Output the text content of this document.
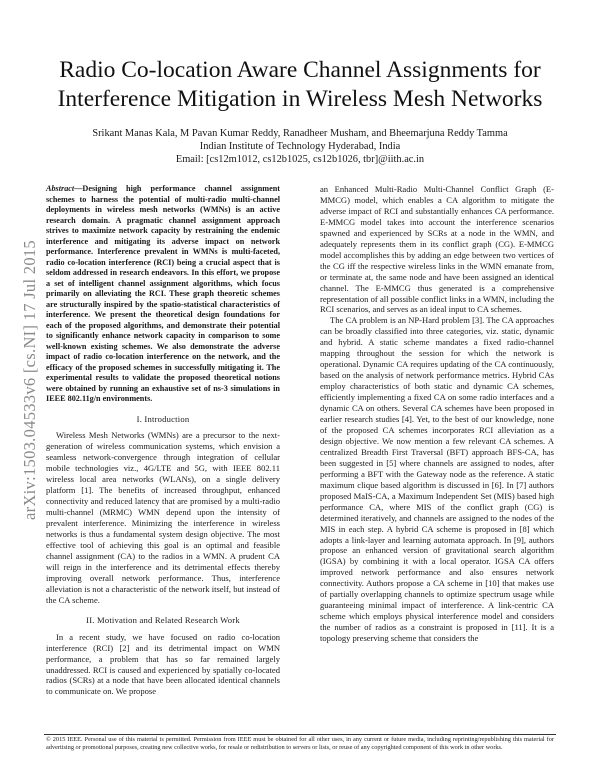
arXiv:1503.04533v6 [cs.NI] 17 Jul 2015
Radio Co-location Aware Channel Assignments for
Interference Mitigation in Wireless Mesh Networks
Srikant Manas Kala, M Pavan Kumar Reddy, Ranadheer Musham, and Bheemarjuna Reddy Tamma
Indian Institute of Technology Hyderabad, India
Email: [cs12m1012, cs12b1025, cs12b1026, tbr]@iith.ac.in

Abstract—Designing high performance channel assignment schemes to harness the potential of multi-radio multi-channel deployments in wireless mesh networks (WMNs) is an active research domain. A pragmatic channel assignment approach strives to maximize network capacity by restraining the endemic interference and mitigating its adverse impact on network performance. Interference prevalent in WMNs is multi-faceted, radio co-location interference (RCI) being a crucial aspect that is seldom addressed in research endeavors. In this effort, we propose a set of intelligent channel assignment algorithms, which focus primarily on alleviating the RCI. These graph theoretic schemes are structurally inspired by the spatio-statistical characteristics of interference. We present the theoretical design foundations for each of the proposed algorithms, and demonstrate their potential to significantly enhance network capacity in comparison to some well-known existing schemes. We also demonstrate the adverse impact of radio co-location interference on the network, and the efficacy of the proposed schemes in successfully mitigating it. The experimental results to validate the proposed theoretical notions were obtained by running an exhaustive set of ns-3 simulations in IEEE 802.11g/n environments.

I. Introduction

Wireless Mesh Networks (WMNs) are a precursor to the next-generation of wireless communication systems, which envision a seamless network-convergence through integration of cellular mobile technologies viz., 4G/LTE and 5G, with IEEE 802.11 wireless local area networks (WLANs), on a single delivery platform [1]. The benefits of increased throughput, enhanced connectivity and reduced latency that are promised by a multi-radio multi-channel (MRMC) WMN depend upon the intensity of prevalent interference. Minimizing the interference in wireless networks is thus a fundamental system design objective. The most effective tool of achieving this goal is an optimal and feasible channel assignment (CA) to the radios in a WMN. A prudent CA will reign in the interference and its detrimental effects thereby improving overall network performance. Thus, interference alleviation is not a characteristic of the network itself, but instead of the CA scheme.

II. Motivation and Related Research Work

In a recent study, we have focused on radio co-location interference (RCI) [2] and its detrimental impact on WMN performance, a problem that has so far remained largely unaddressed. RCI is caused and experienced by spatially co-located radios (SCRs) at a node that have been allocated identical channels to communicate on. We propose

an Enhanced Multi-Radio Multi-Channel Conflict Graph (E-MMCG) model, which enables a CA algorithm to mitigate the adverse impact of RCI and substantially enhances CA performance. E-MMCG model takes into account the interference scenarios spawned and experienced by SCRs at a node in the WMN, and adequately represents them in its conflict graph (CG). E-MMCG model accomplishes this by adding an edge between two vertices of the CG iff the respective wireless links in the WMN emanate from, or terminate at, the same node and have been assigned an identical channel. The E-MMCG thus generated is a comprehensive representation of all possible conflict links in a WMN, including the RCI scenarios, and serves as an ideal input to CA schemes.

The CA problem is an NP-Hard problem [3]. The CA approaches can be broadly classified into three categories, viz. static, dynamic and hybrid. A static scheme mandates a fixed radio-channel mapping throughout the session for which the network is operational. Dynamic CA requires updating of the CA continuously, based on the analysis of network performance metrics. Hybrid CAs employ characteristics of both static and dynamic CA schemes, efficiently implementing a fixed CA on some radio interfaces and a dynamic CA on others. Several CA schemes have been proposed in earlier research studies [4]. Yet, to the best of our knowledge, none of the proposed CA schemes incorporates RCI alleviation as a design objective. We now mention a few relevant CA schemes. A centralized Breadth First Traversal (BFT) approach BFS-CA, has been suggested in [5] where channels are assigned to nodes, after performing a BFT with the Gateway node as the reference. A static maximum clique based algorithm is discussed in [6]. In [7] authors proposed MaIS-CA, a Maximum Independent Set (MIS) based high performance CA, where MIS of the conflict graph (CG) is determined iteratively, and channels are assigned to the nodes of the MIS in each step. A hybrid CA scheme is proposed in [8] which adopts a link-layer and learning automata approach. In [9], authors propose an enhanced version of gravitational search algorithm (IGSA) by combining it with a local operator. IGSA CA offers improved network performance and also ensures network connectivity. Authors propose a CA scheme in [10] that makes use of partially overlapping channels to optimize spectrum usage while guaranteeing minimal impact of interference. A link-centric CA scheme which employs physical interference model and considers the number of radios as a constraint is proposed in [11]. It is a topology preserving scheme that considers the

© 2015 IEEE. Personal use of this material is permitted. Permission from IEEE must be obtained for all other uses, in any current or future media, including reprinting/republishing this material for advertising or promotional purposes, creating new collective works, for resale or redistribution to servers or lists, or reuse of any copyrighted component of this work in other works.
